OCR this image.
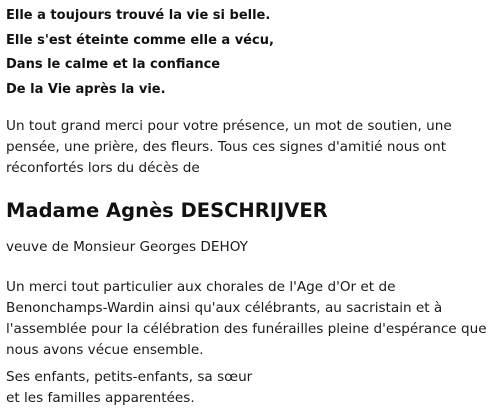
Elle a toujours trouvé la vie si belle.
Elle s'est éteinte comme elle a vécu,
Dans le calme et la confiance
De la Vie après la vie.

Un tout grand merci pour votre présence, un mot de soutien, une pensée, une prière, des fleurs. Tous ces signes d'amitié nous ont réconfortés lors du décès de

Madame Agnès DESCHRIJVER

veuve de Monsieur Georges DEHOY

Un merci tout particulier aux chorales de l'Age d'Or et de Benonchamps-Wardin ainsi qu'aux célébrants, au sacristain et à l'assemblée pour la célébration des funérailles pleine d'espérance que nous avons vécue ensemble.

Ses enfants, petits-enfants, sa sœur
et les familles apparentées.
